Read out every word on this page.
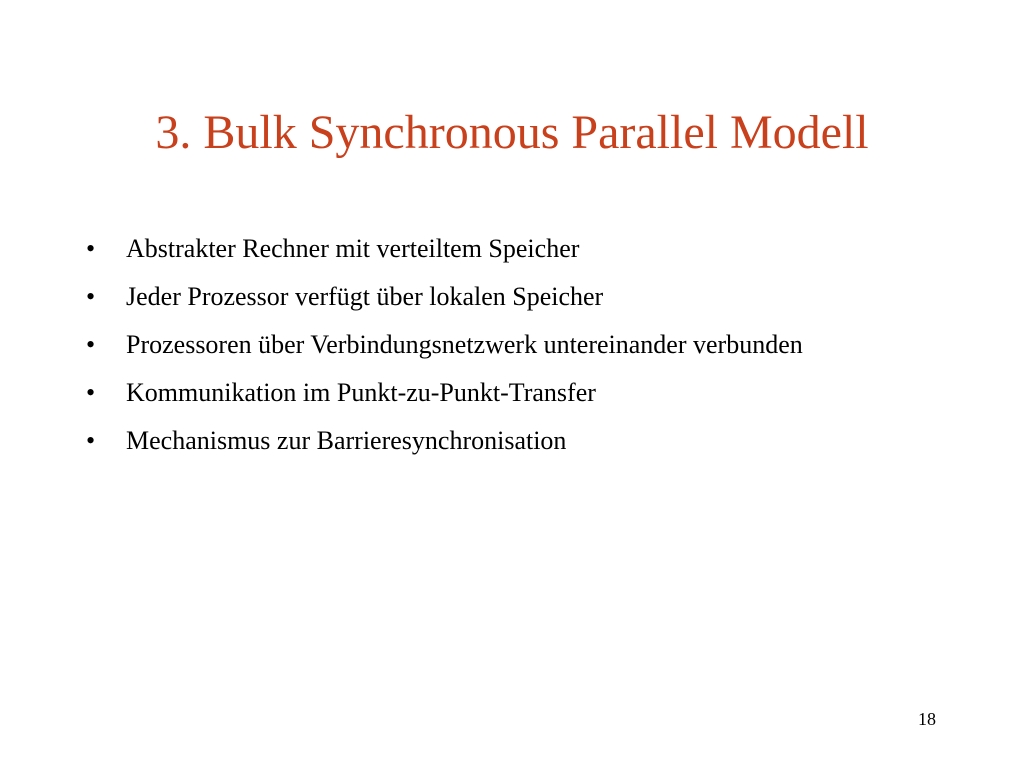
3. Bulk Synchronous Parallel Modell
•	Abstrakter Rechner mit verteiltem Speicher
•	Jeder Prozessor verfügt über lokalen Speicher
•	Prozessoren über Verbindungsnetzwerk untereinander verbunden
•	Kommunikation im Punkt-zu-Punkt-Transfer
•	Mechanismus zur Barrieresynchronisation
18
